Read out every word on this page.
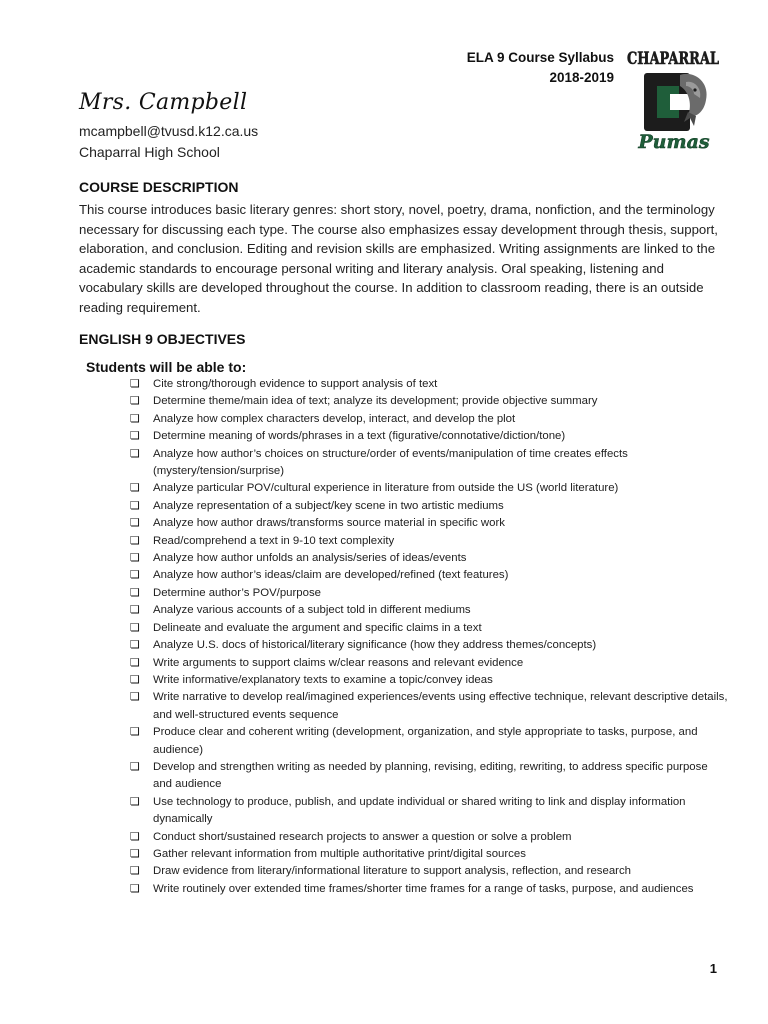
ELA 9 Course Syllabus
2018-2019
CHAPARRAL
Pumas
Mrs. Campbell
mcampbell@tvusd.k12.ca.us
Chaparral High School
COURSE DESCRIPTION

This course introduces basic literary genres: short story, novel, poetry, drama, nonfiction, and the terminology necessary for discussing each type. The course also emphasizes essay development through thesis, support, elaboration, and conclusion. Editing and revision skills are emphasized. Writing assignments are linked to the academic standards to encourage personal writing and literary analysis. Oral speaking, listening and vocabulary skills are developed throughout the course. In addition to classroom reading, there is an outside reading requirement.

ENGLISH 9 OBJECTIVES
Students will be able to:
❏	Cite strong/thorough evidence to support analysis of text
❏	Determine theme/main idea of text; analyze its development; provide objective summary
❏	Analyze how complex characters develop, interact, and develop the plot
❏	Determine meaning of words/phrases in a text (figurative/connotative/diction/tone)
❏	Analyze how author’s choices on structure/order of events/manipulation of time creates effects (mystery/tension/surprise)
❏	Analyze particular POV/cultural experience in literature from outside the US (world literature)
❏	Analyze representation of a subject/key scene in two artistic mediums
❏	Analyze how author draws/transforms source material in specific work
❏	Read/comprehend a text in 9-10 text complexity
❏	Analyze how author unfolds an analysis/series of ideas/events
❏	Analyze how author’s ideas/claim are developed/refined (text features)
❏	Determine author’s POV/purpose
❏	Analyze various accounts of a subject told in different mediums
❏	Delineate and evaluate the argument and specific claims in a text
❏	Analyze U.S. docs of historical/literary significance (how they address themes/concepts)
❏	Write arguments to support claims w/clear reasons and relevant evidence
❏	Write informative/explanatory texts to examine a topic/convey ideas
❏	Write narrative to develop real/imagined experiences/events using effective technique, relevant descriptive details, and well-structured events sequence
❏	Produce clear and coherent writing (development, organization, and style appropriate to tasks, purpose, and audience)
❏	Develop and strengthen writing as needed by planning, revising, editing, rewriting, to address specific purpose and audience
❏	Use technology to produce, publish, and update individual or shared writing to link and display information dynamically
❏	Conduct short/sustained research projects to answer a question or solve a problem
❏	Gather relevant information from multiple authoritative print/digital sources
❏	Draw evidence from literary/informational literature to support analysis, reflection, and research
❏	Write routinely over extended time frames/shorter time frames for a range of tasks, purpose, and audiences
1
